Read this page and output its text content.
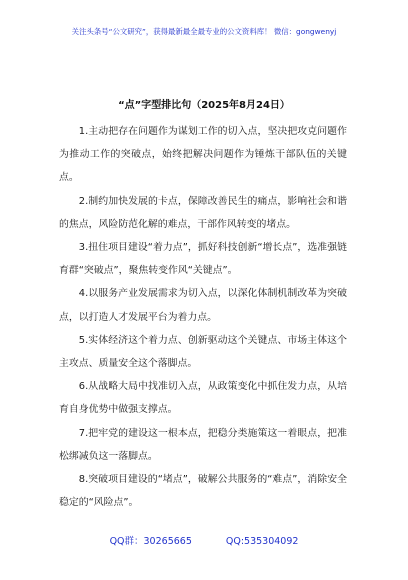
关注头条号“公文研究”，获得最新最全最专业的公文资料库！ 微信：gongwenyj
“点”字型排比句（2025年8月24日）

1.主动把存在问题作为谋划工作的切入点，坚决把攻克问题作为推动工作的突破点，始终把解决问题作为锤炼干部队伍的关键点。

2.制约加快发展的卡点，保障改善民生的痛点，影响社会和谐的焦点，风险防范化解的难点，干部作风转变的堵点。

3.扭住项目建设“着力点”，抓好科技创新“增长点”，选准强链育群“突破点”，聚焦转变作风“关键点”。

4.以服务产业发展需求为切入点，以深化体制机制改革为突破点，以打造人才发展平台为着力点。

5.实体经济这个着力点、创新驱动这个关键点、市场主体这个主攻点、质量安全这个落脚点。

6.从战略大局中找准切入点，从政策变化中抓住发力点，从培育自身优势中做强支撑点。

7.把牢党的建设这一根本点，把稳分类施策这一着眼点，把准松绑减负这一落脚点。

8.突破项目建设的“堵点”，破解公共服务的“难点”，消除安全稳定的“风险点”。

QQ群：30265665	QQ:535304092
